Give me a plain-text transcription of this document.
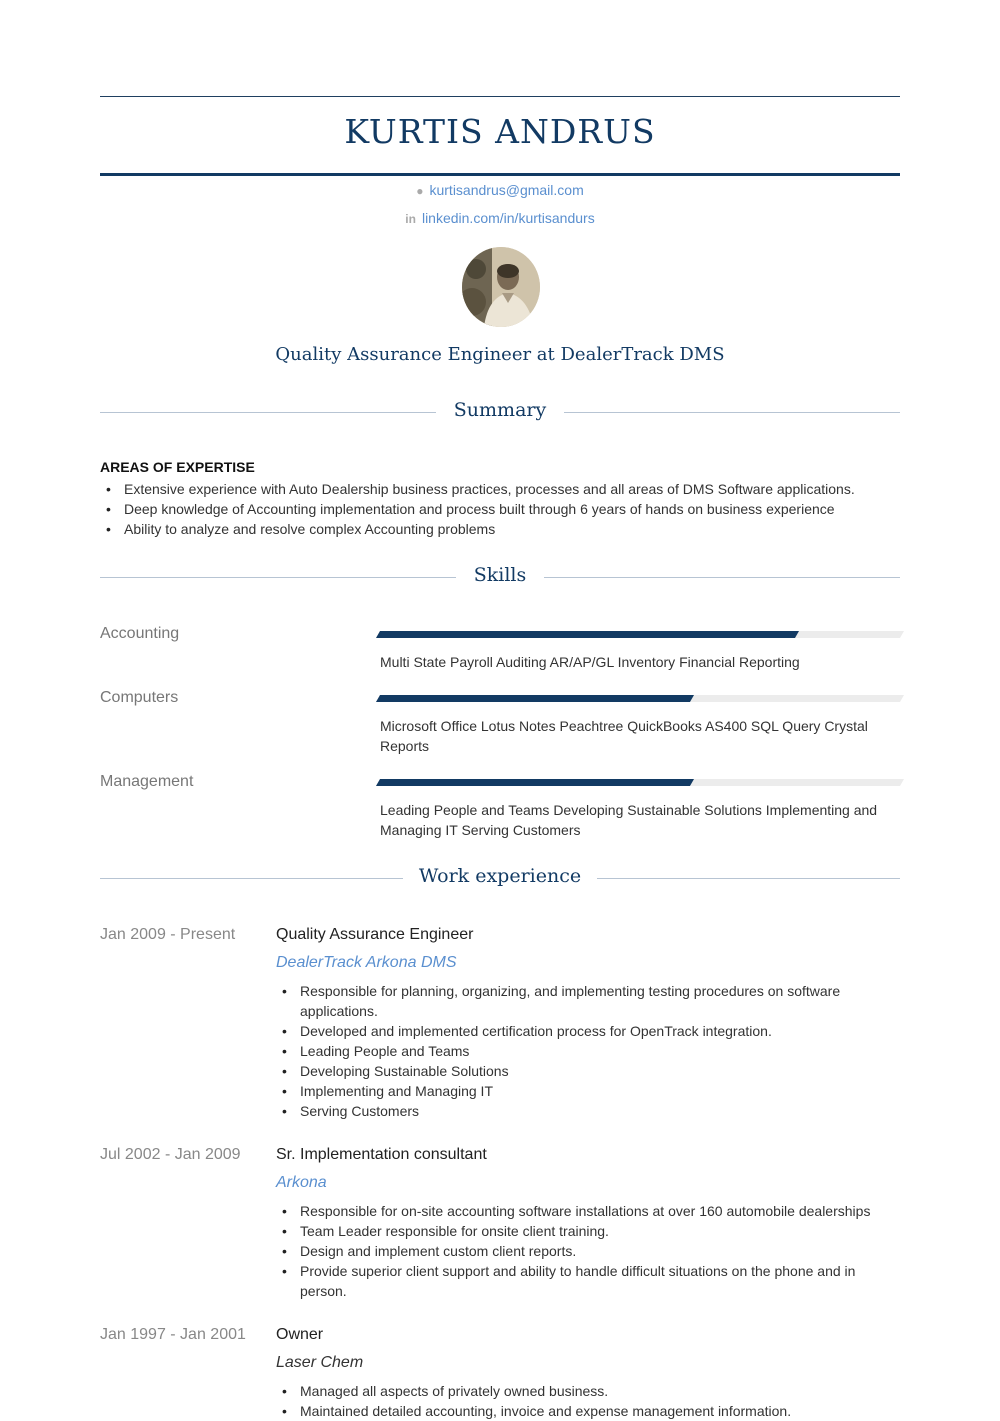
KURTIS ANDRUS
● kurtisandrus@gmail.com
in linkedin.com/in/kurtisandurs
Quality Assurance Engineer at DealerTrack DMS
Summary
AREAS OF EXPERTISE
• Extensive experience with Auto Dealership business practices, processes and all areas of DMS Software applications.
• Deep knowledge of Accounting implementation and process built through 6 years of hands on business experience
• Ability to analyze and resolve complex Accounting problems
Skills
Accounting
Multi State Payroll Auditing AR/AP/GL Inventory Financial Reporting
Computers
Microsoft Office Lotus Notes Peachtree QuickBooks AS400 SQL Query Crystal Reports
Management
Leading People and Teams Developing Sustainable Solutions Implementing and Managing IT Serving Customers
Work experience
Jan 2009 - Present	Quality Assurance Engineer
DealerTrack Arkona DMS
• Responsible for planning, organizing, and implementing testing procedures on software applications.
• Developed and implemented certification process for OpenTrack integration.
• Leading People and Teams
• Developing Sustainable Solutions
• Implementing and Managing IT
• Serving Customers
Jul 2002 - Jan 2009 Sr. Implementation consultant
Arkona
• Responsible for on-site accounting software installations at over 160 automobile dealerships
• Team Leader responsible for onsite client training.
• Design and implement custom client reports.
• Provide superior client support and ability to handle difficult situations on the phone and in person.
Jan 1997 - Jan 2001 Owner
Laser Chem
• Managed all aspects of privately owned business.
• Maintained detailed accounting, invoice and expense management information.
